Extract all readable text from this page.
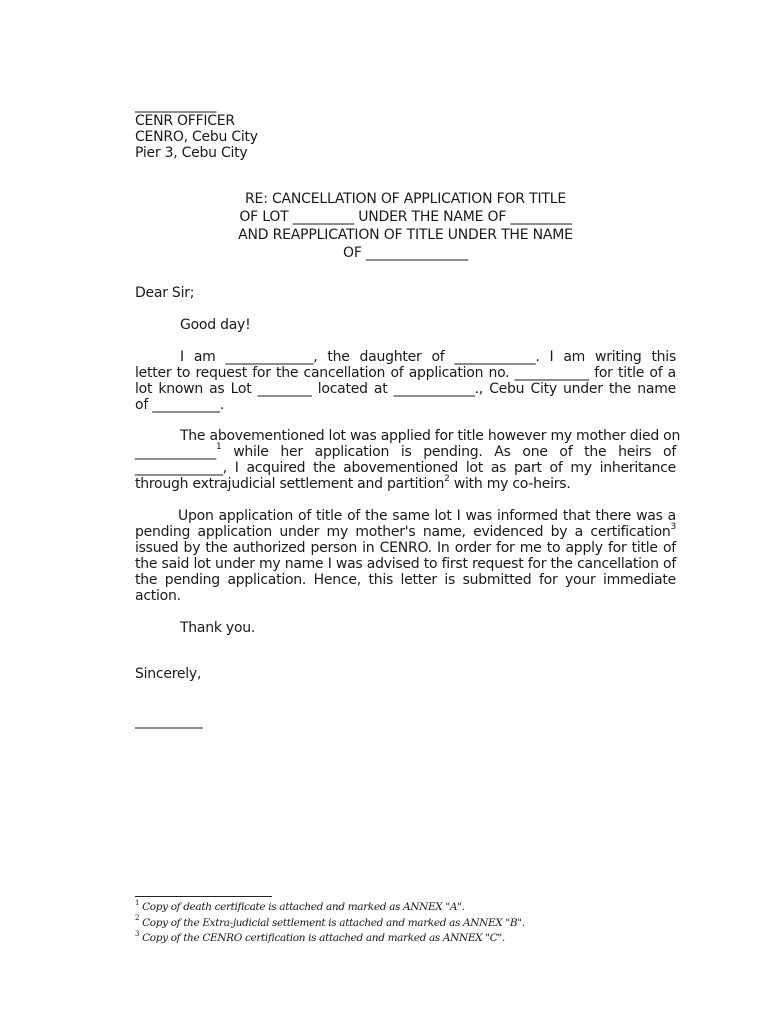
____________
CENR OFFICER
CENRO, Cebu City
Pier 3, Cebu City
RE: CANCELLATION OF APPLICATION FOR TITLE
OF LOT _________ UNDER THE NAME OF _________
AND REAPPLICATION OF TITLE UNDER THE NAME
OF _______________
Dear Sir;
Good day!
I am _____________, the daughter of ____________. I am writing this
letter to request for the cancellation of application no. ___________ for title of a
lot known as Lot ________ located at ____________., Cebu City under the name
of __________.
The abovementioned lot was applied for title however my mother died on
____________$^1$ while her application is pending. As one of the heirs of
_____________, I acquired the abovementioned lot as part of my inheritance
through extrajudicial settlement and partition$^2$ with my co-heirs.
Upon application of title of the same lot I was informed that there was a
pending application under my mother's name, evidenced by a certification$^3$
issued by the authorized person in CENRO. In order for me to apply for title of
the said lot under my name I was advised to first request for the cancellation of
the pending application. Hence, this letter is submitted for your immediate
action.
Thank you.
Sincerely,
__________
$^1$ Copy of death certificate is attached and marked as ANNEX "A".
$^2$ Copy of the Extra-judicial settlement is attached and marked as ANNEX "B".
$^3$ Copy of the CENRO certification is attached and marked as ANNEX "C".
